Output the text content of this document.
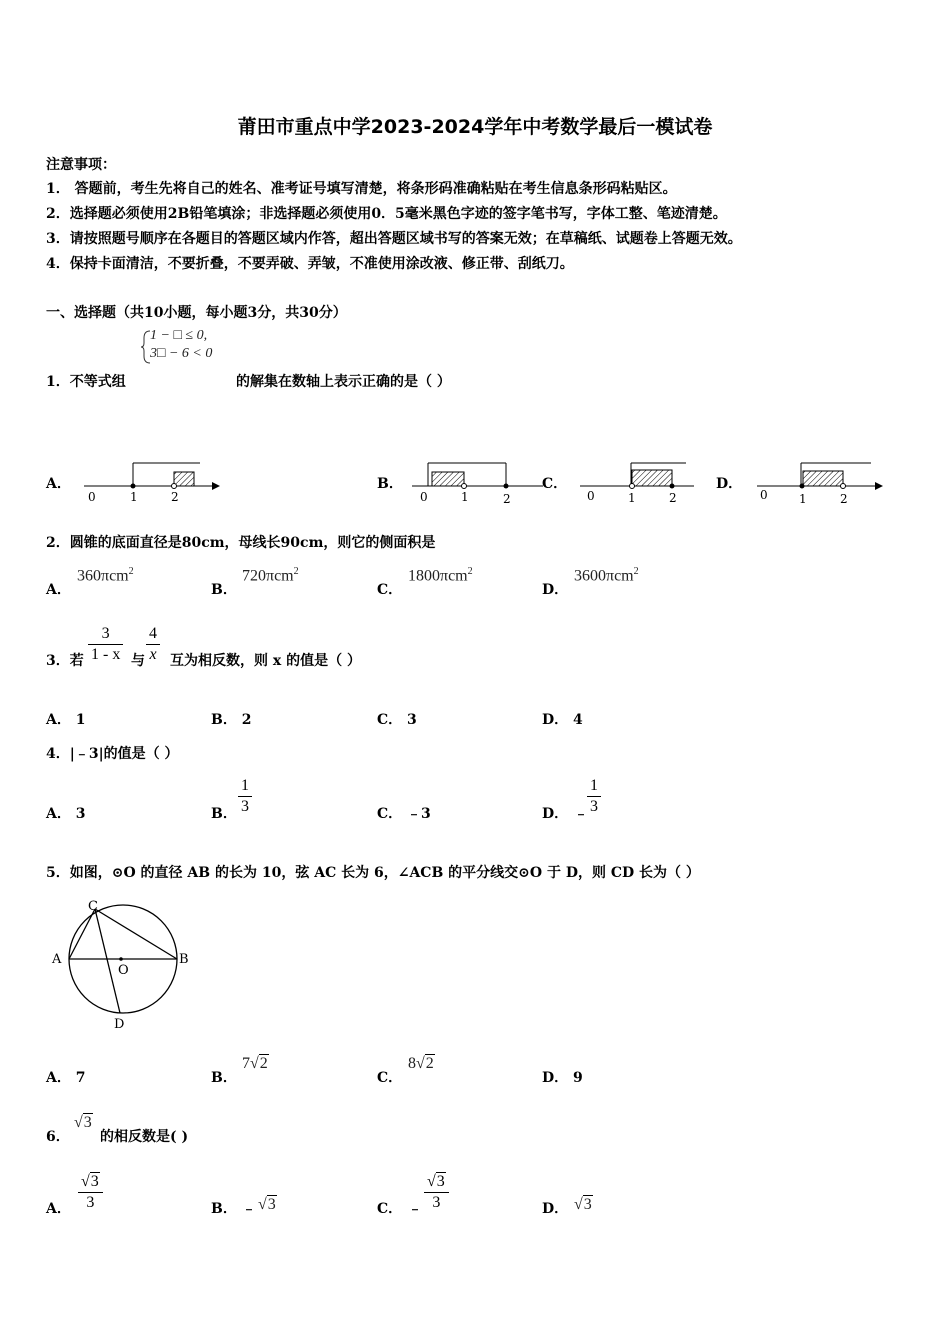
莆田市重点中学2023-2024学年中考数学最后一模试卷
注意事项：
1． 答题前，考生先将自己的姓名、准考证号填写清楚，将条形码准确粘贴在考生信息条形码粘贴区。
2．选择题必须使用2B铅笔填涂；非选择题必须使用0．5毫米黑色字迹的签字笔书写，字体工整、笔迹清楚。
3．请按照题号顺序在各题目的答题区域内作答，超出答题区域书写的答案无效；在草稿纸、试题卷上答题无效。
4．保持卡面清洁，不要折叠，不要弄破、弄皱，不准使用涂改液、修正带、刮纸刀。
一、选择题（共10小题，每小题3分，共30分）
1 − □ ≤ 0,
3□ − 6 < 0
1．不等式组	的解集在数轴上表示正确的是（ ）
A．
0	1	2
B．
0	1	2
C．
0	1	2
D．
0	1	2
2．圆锥的底面直径是80cm，母线长90cm，则它的侧面积是
A．
360πcm$^2$
B．
720πcm$^2$
C．
1800πcm$^2$
D．
3600πcm$^2$
3．若 $\frac{3}{1 - x}$ 与 $\frac{4}{x}$ 互为相反数，则 x 的值是（ ）
A． 1	B． 2	C． 3	D． 4
4．|﹣3|的值是（ ）
A． 3	B． $\frac{1}{3}$	C． ﹣3	D． ﹣ $\frac{1}{3}$
5．如图，⊙O 的直径 AB 的长为 10，弦 AC 长为 6，∠ACB 的平分线交⊙O 于 D，则 CD 长为（ ）
C
A	B
O
D
A． 7	B．
7√2
C．
8√2
D． 9
6．
√3
的相反数是( )
A． $\frac{√3}{3}$	B． ﹣ √3	C． ﹣ $\frac{√3}{3}$	D． √3
